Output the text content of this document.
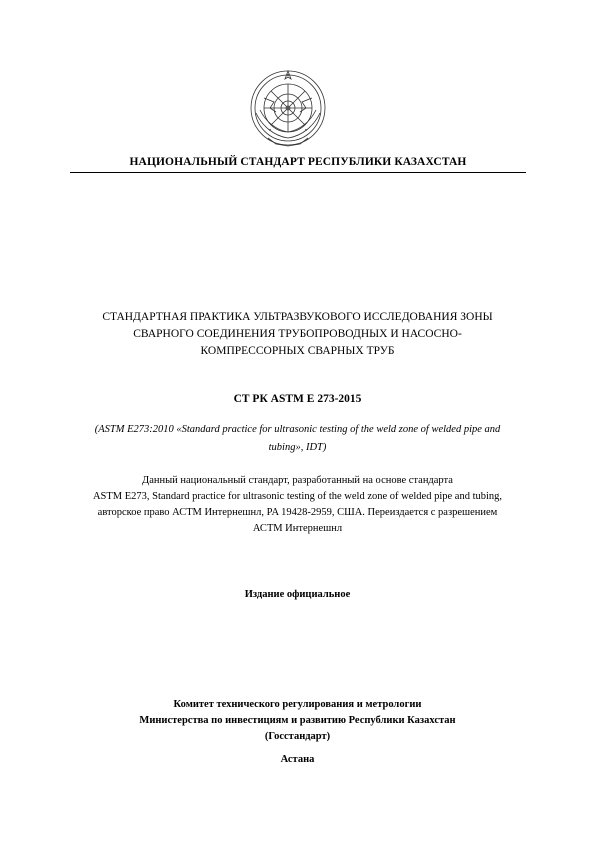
НАЦИОНАЛЬНЫЙ СТАНДАРТ РЕСПУБЛИКИ КАЗАХСТАН
СТАНДАРТНАЯ ПРАКТИКА УЛЬТРАЗВУКОВОГО ИССЛЕДОВАНИЯ ЗОНЫ
СВАРНОГО СОЕДИНЕНИЯ ТРУБОПРОВОДНЫХ И НАСОСНО-
КОМПРЕССОРНЫХ СВАРНЫХ ТРУБ
СТ РК ASTM E 273-2015
(ASTM E273:2010 «Standard practice for ultrasonic testing of the weld zone of welded pipe and
tubing», IDT)
Данный национальный стандарт, разработанный на основе стандарта
ASTM E273, Standard practice for ultrasonic testing of the weld zone of welded pipe and tubing,
авторское право АСТМ Интернешнл, PA 19428-2959, США. Переиздается с разрешением
АСТМ Интернешнл
Издание официальное
Комитет технического регулирования и метрологии
Министерства по инвестициям и развитию Республики Казахстан
(Госстандарт)
Астана
